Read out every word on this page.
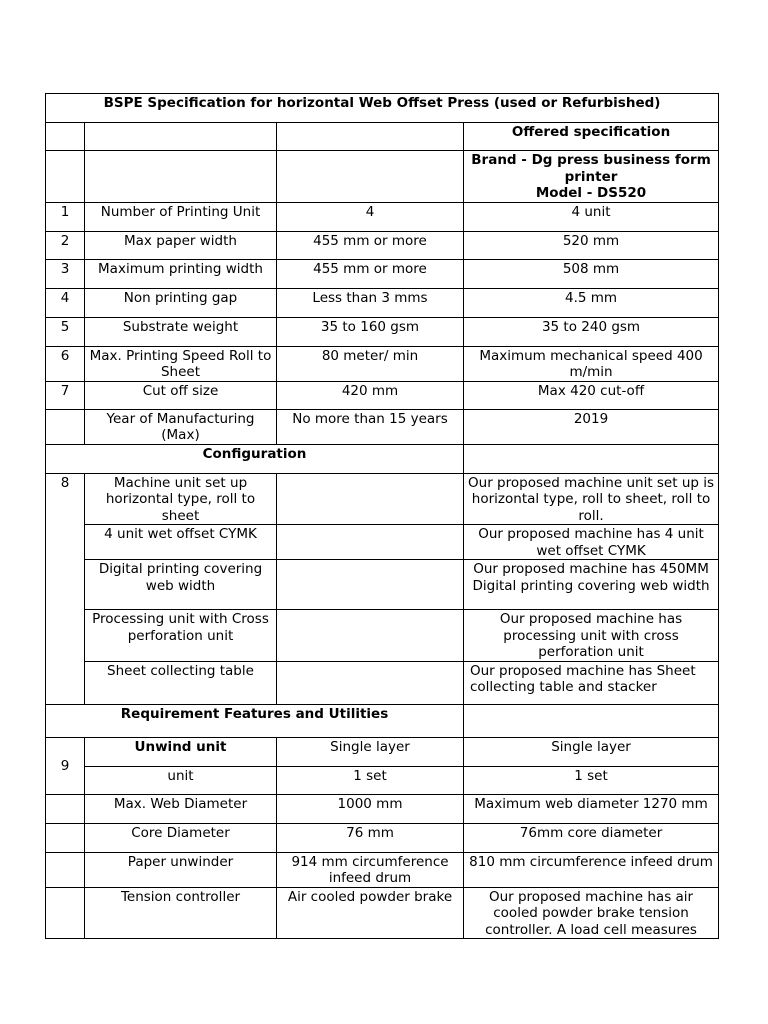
BSPE Specification for horizontal Web Offset Press (used or Refurbished)			
			Offered specification

			Brand - Dg press business form printer
Model - DS520

1	Number of Printing Unit	4	4 unit
2	Max paper width	455 mm or more	520 mm
3	Maximum printing width	455 mm or more	508 mm
4	Non printing gap	Less than 3 mms	4.5 mm
5	Substrate weight	35 to 160 gsm	35 to 240 gsm
6	Max. Printing Speed Roll to Sheet	80 meter/ min	Maximum mechanical speed 400 m/min
7	Cut off size	420 mm	Max 420 cut-off
	Year of Manufacturing (Max)	No more than 15 years	2019
Configuration			
8	Machine unit set up horizontal type, roll to sheet		Our proposed machine unit set up is horizontal type, roll to sheet, roll to roll.
	4 unit wet offset CYMK		Our proposed machine has 4 unit wet offset CYMK
	Digital printing covering web width		Our proposed machine has 450MM Digital printing covering web width
	Processing unit with Cross perforation unit		Our proposed machine has processing unit with cross perforation unit
	Sheet collecting table		Our proposed machine has Sheet collecting table and stacker
Requirement Features and Utilities			
9	Unwind unit	Single layer	Single layer
	unit	1 set	1 set
	Max. Web Diameter	1000 mm	Maximum web diameter 1270 mm
	Core Diameter	76 mm	76mm core diameter
	Paper unwinder	914 mm circumference infeed drum	810 mm circumference infeed drum
	Tension controller	Air cooled powder brake	Our proposed machine has air cooled powder brake tension controller. A load cell measures
